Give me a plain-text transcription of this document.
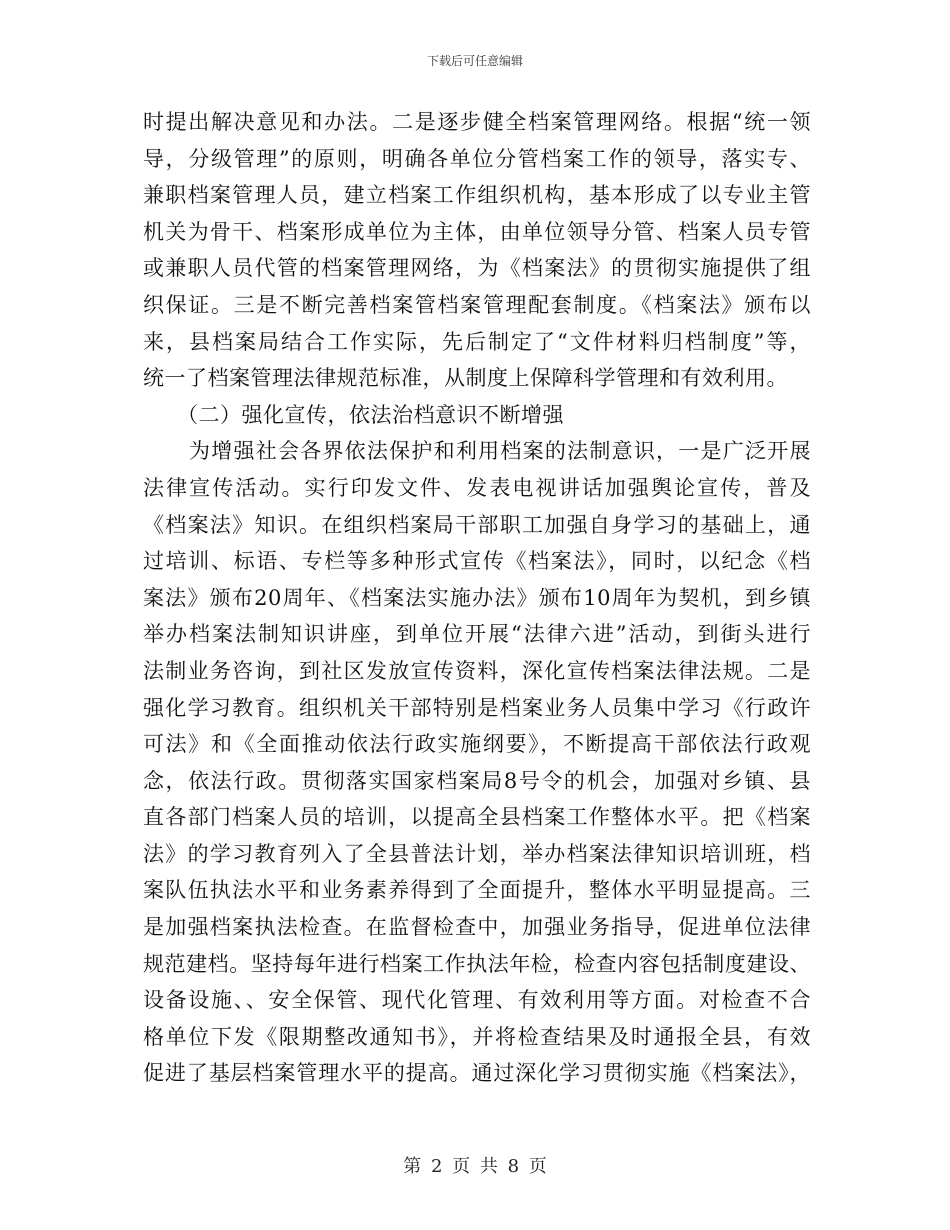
下载后可任意编辑
时提出解决意见和办法。二是逐步健全档案管理网络。根据“统一领
导，分级管理”的原则，明确各单位分管档案工作的领导，落实专、
兼职档案管理人员，建立档案工作组织机构，基本形成了以专业主管
机关为骨干、档案形成单位为主体，由单位领导分管、档案人员专管
或兼职人员代管的档案管理网络，为《档案法》的贯彻实施提供了组
织保证。三是不断完善档案管档案管理配套制度。《档案法》颁布以
来，县档案局结合工作实际，先后制定了“文件材料归档制度”等，
统一了档案管理法律规范标准，从制度上保障科学管理和有效利用。
（二）强化宣传，依法治档意识不断增强
为增强社会各界依法保护和利用档案的法制意识，一是广泛开展
法律宣传活动。实行印发文件、发表电视讲话加强舆论宣传，普及
《档案法》知识。在组织档案局干部职工加强自身学习的基础上，通
过培训、标语、专栏等多种形式宣传《档案法》，同时，以纪念《档
案法》颁布20周年、《档案法实施办法》颁布10周年为契机，到乡镇
举办档案法制知识讲座，到单位开展“法律六进”活动，到街头进行
法制业务咨询，到社区发放宣传资料，深化宣传档案法律法规。二是
强化学习教育。组织机关干部特别是档案业务人员集中学习《行政许
可法》和《全面推动依法行政实施纲要》，不断提高干部依法行政观
念，依法行政。贯彻落实国家档案局8号令的机会，加强对乡镇、县
直各部门档案人员的培训，以提高全县档案工作整体水平。把《档案
法》的学习教育列入了全县普法计划，举办档案法律知识培训班，档
案队伍执法水平和业务素养得到了全面提升，整体水平明显提高。三
是加强档案执法检查。在监督检查中，加强业务指导，促进单位法律
规范建档。坚持每年进行档案工作执法年检，检查内容包括制度建设、
设备设施、、安全保管、现代化管理、有效利用等方面。对检查不合
格单位下发《限期整改通知书》，并将检查结果及时通报全县，有效
促进了基层档案管理水平的提高。通过深化学习贯彻实施《档案法》，
第 2 页 共 8 页
